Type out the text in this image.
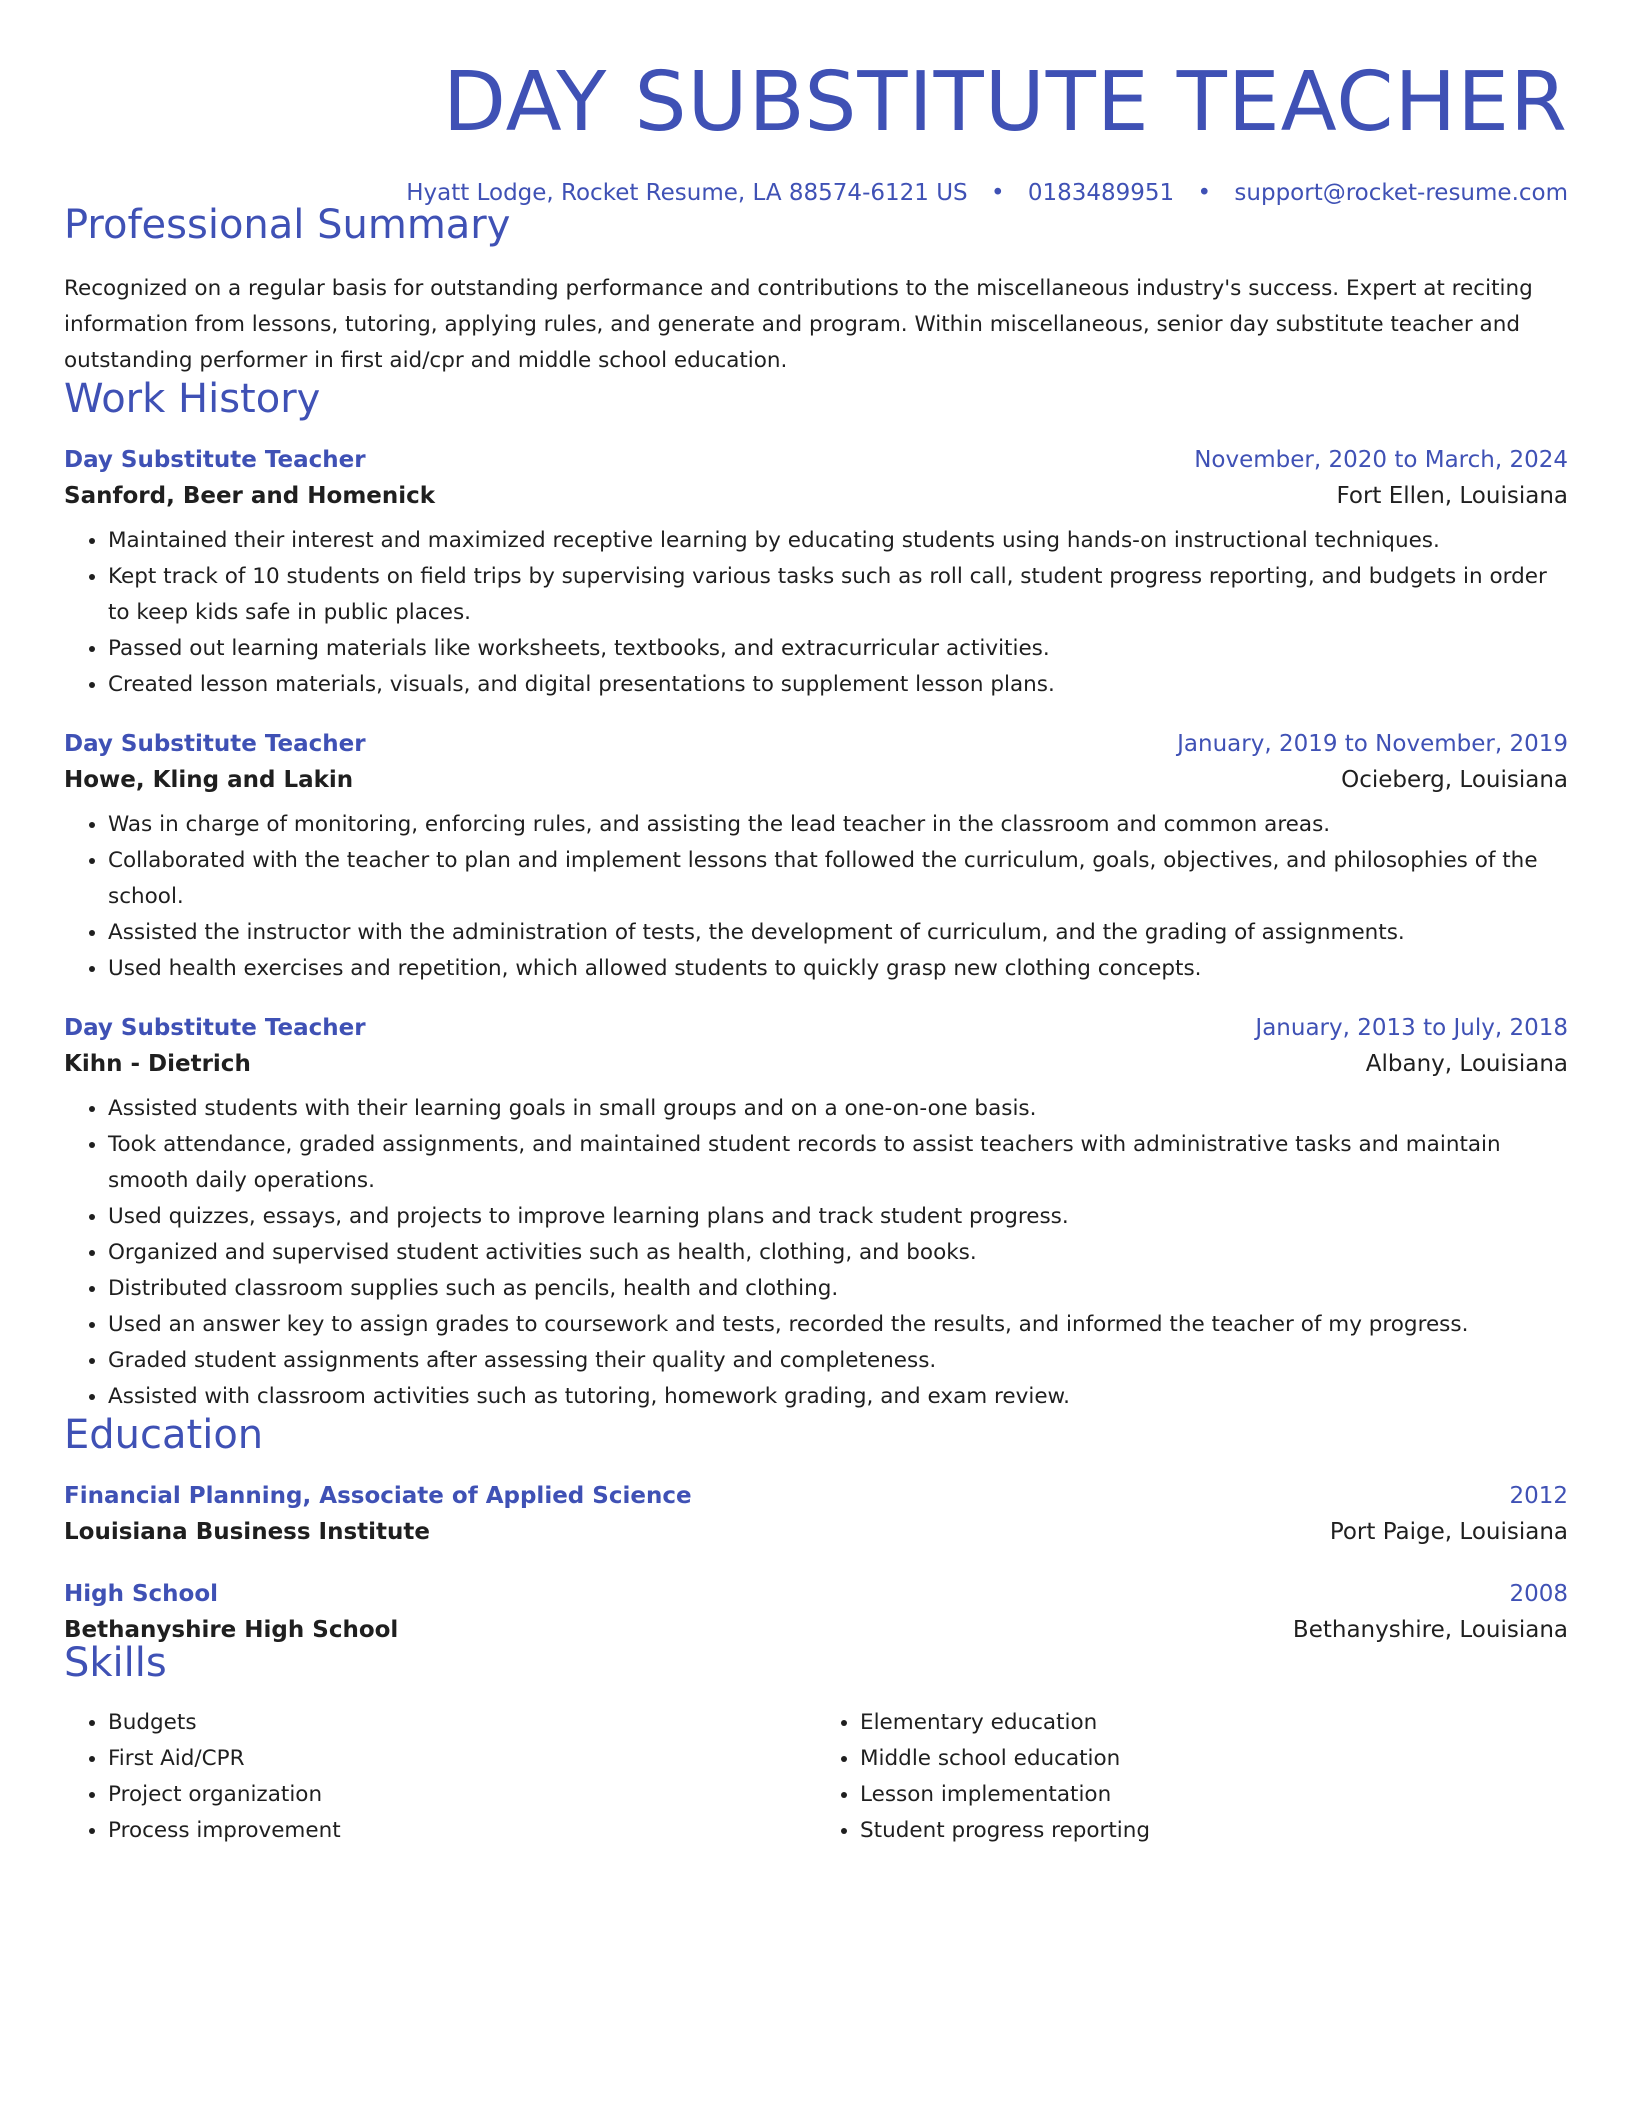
DAY SUBSTITUTE TEACHER
Hyatt Lodge, Rocket Resume, LA 88574-6121 US • 0183489951 • support@rocket-resume.com
Professional Summary
Recognized on a regular basis for outstanding performance and contributions to the miscellaneous industry's success. Expert at reciting information from lessons, tutoring, applying rules, and generate and program. Within miscellaneous, senior day substitute teacher and outstanding performer in first aid/cpr and middle school education.
Work History
Day Substitute Teacher	November, 2020 to March, 2024
Sanford, Beer and Homenick	Fort Ellen, Louisiana
• Maintained their interest and maximized receptive learning by educating students using hands-on instructional techniques.
• Kept track of 10 students on field trips by supervising various tasks such as roll call, student progress reporting, and budgets in order to keep kids safe in public places.
• Passed out learning materials like worksheets, textbooks, and extracurricular activities.
• Created lesson materials, visuals, and digital presentations to supplement lesson plans.
Day Substitute Teacher	January, 2019 to November, 2019
Howe, Kling and Lakin	Ocieberg, Louisiana
• Was in charge of monitoring, enforcing rules, and assisting the lead teacher in the classroom and common areas.
• Collaborated with the teacher to plan and implement lessons that followed the curriculum, goals, objectives, and philosophies of the school.
• Assisted the instructor with the administration of tests, the development of curriculum, and the grading of assignments.
• Used health exercises and repetition, which allowed students to quickly grasp new clothing concepts.
Day Substitute Teacher	January, 2013 to July, 2018
Kihn - Dietrich	Albany, Louisiana
• Assisted students with their learning goals in small groups and on a one-on-one basis.
• Took attendance, graded assignments, and maintained student records to assist teachers with administrative tasks and maintain smooth daily operations.
• Used quizzes, essays, and projects to improve learning plans and track student progress.
• Organized and supervised student activities such as health, clothing, and books.
• Distributed classroom supplies such as pencils, health and clothing.
• Used an answer key to assign grades to coursework and tests, recorded the results, and informed the teacher of my progress.
• Graded student assignments after assessing their quality and completeness.
• Assisted with classroom activities such as tutoring, homework grading, and exam review.
Education
Financial Planning, Associate of Applied Science	2012
Louisiana Business Institute	Port Paige, Louisiana
High School	2008
Bethanyshire High School	Bethanyshire, Louisiana
Skills
• Budgets
• First Aid/CPR
• Project organization
• Process improvement
• Elementary education
• Middle school education
• Lesson implementation
• Student progress reporting
